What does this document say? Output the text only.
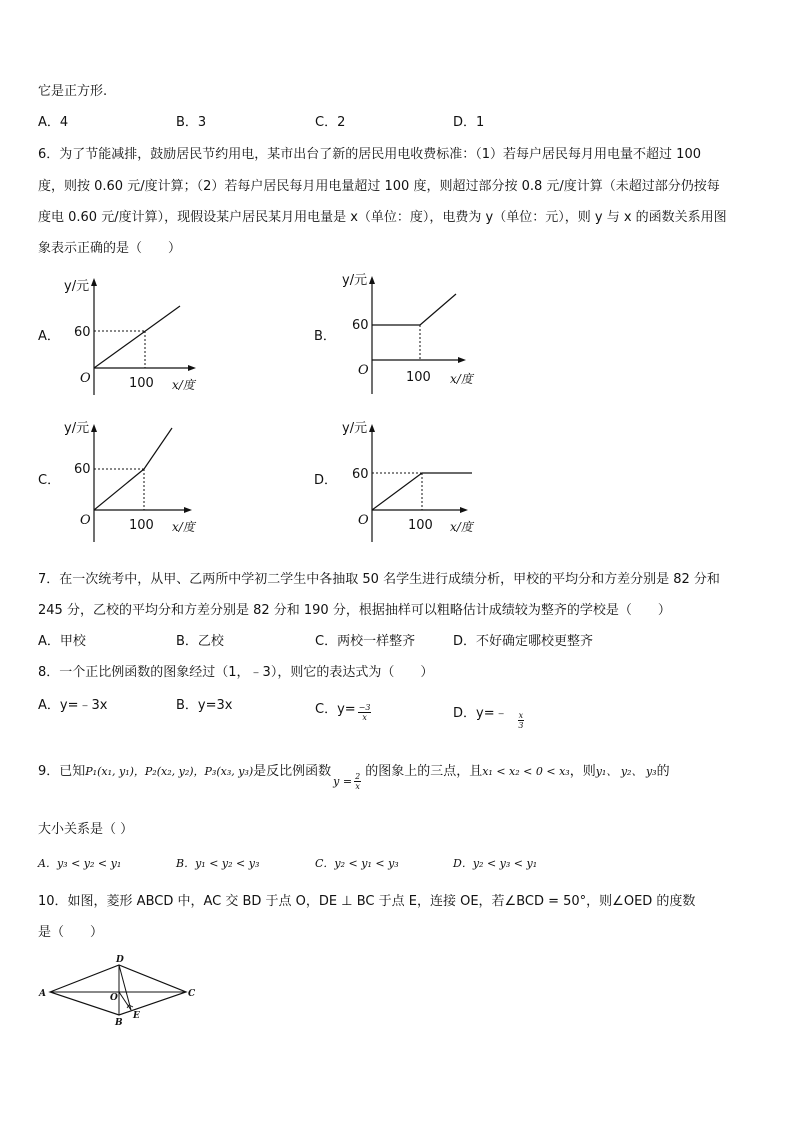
它是正方形.
A．4	B．3	C．2	D．1
6．为了节能减排，鼓励居民节约用电，某市出台了新的居民用电收费标准：（1）若每户居民每月用电量不超过 100
度，则按 0.60 元/度计算；（2）若每户居民每月用电量超过 100 度，则超过部分按 0.8 元/度计算（未超过部分仍按每
度电 0.60 元/度计算），现假设某户居民某月用电量是 x（单位：度），电费为 y（单位：元），则 y 与 x 的函数关系用图
象表示正确的是（　　）
A．
y/元
60
O	100 x/度
B．
y/元
60
O	100 x/度
C．
y/元
60
O	100 x/度
D．
y/元
60
O	100 x/度
7．在一次统考中，从甲、乙两所中学初二学生中各抽取 50 名学生进行成绩分析，甲校的平均分和方差分别是 82 分和
245 分，乙校的平均分和方差分别是 82 分和 190 分，根据抽样可以粗略估计成绩较为整齐的学校是（　　）
A．甲校	B．乙校	C．两校一样整齐	D．不好确定哪校更整齐
8．一个正比例函数的图象经过（1，﹣3），则它的表达式为（　　）
A．y=﹣3x	B．y=3x	C．$y= \frac{-3}{x}$	D．y=﹣ $\frac{x}{3}$
9．已知P₁(x₁, y₁)，P₂(x₂, y₂)，P₃(x₃, y₃)是反比例函数$y = \frac{2}{x}$
的图象上的三点，且x₁ < x₂ < 0 < x₃，则y₁、 y₂、 y₃的
大小关系是（ ）
A．y₃ < y₂ < y₁	B．y₁ < y₂ < y₃	C．y₂ < y₁ < y₃	D．y₂ < y₃ < y₁
10．如图，菱形 ABCD 中，AC 交 BD 于点 O，DE ⊥ BC 于点 E，连接 OE，若∠BCD = 50°，则∠OED 的度数
是（　　）
A
D
C
O
B
E
